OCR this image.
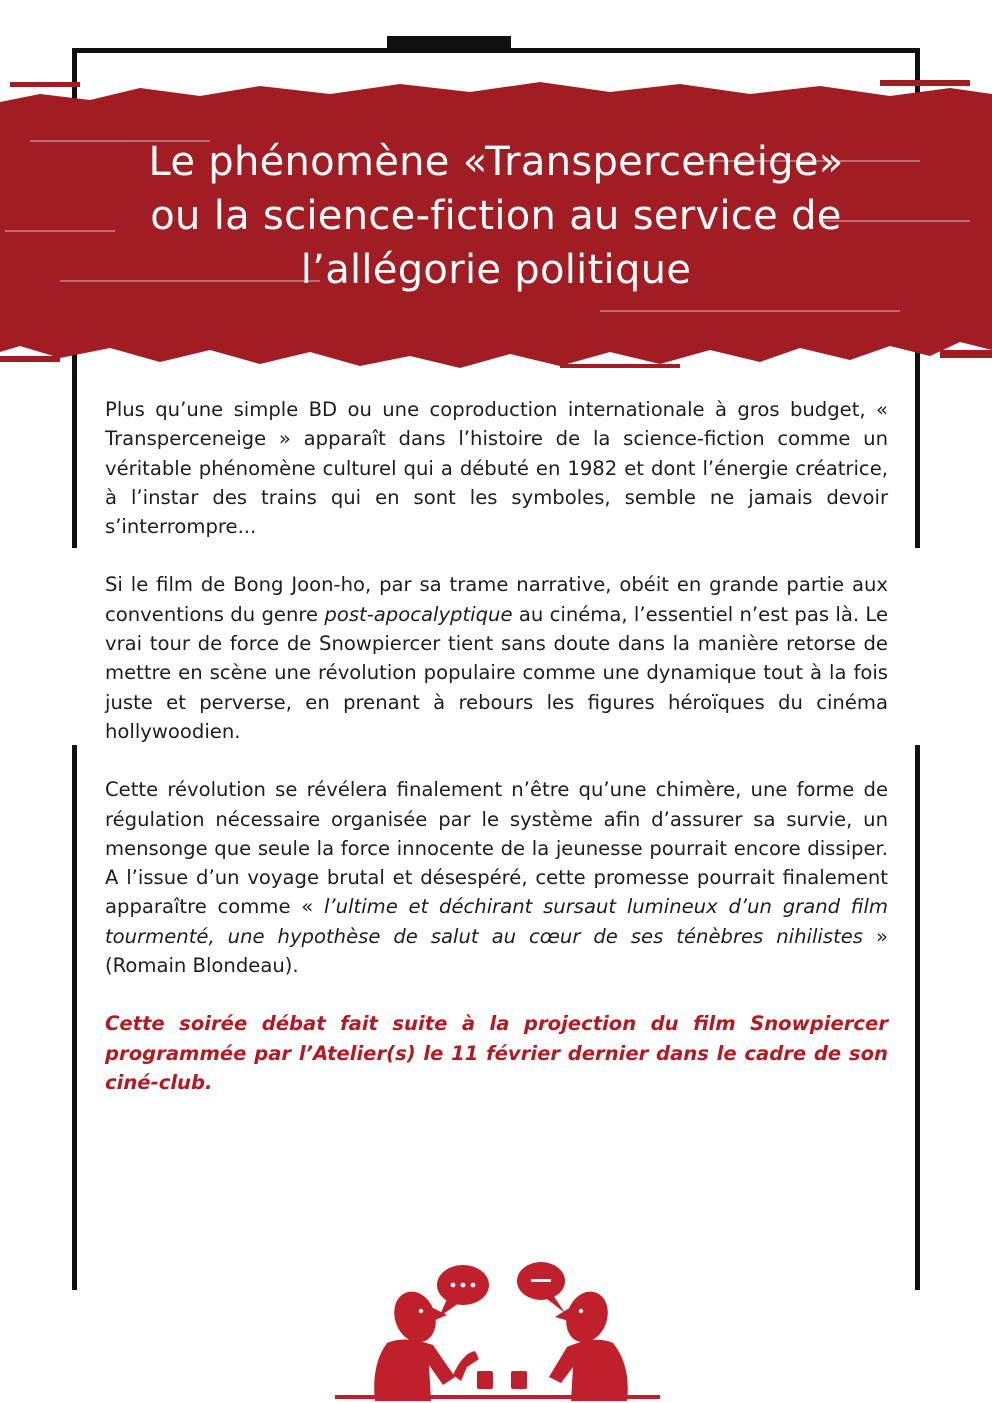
Le phénomène «Transperceneige»
ou la science-fiction au service de
l’allégorie politique

Plus qu’une simple BD ou une coproduction internationale à gros budget, « Transperceneige » apparaît dans l’histoire de la science-fiction comme un véritable phénomène culturel qui a débuté en 1982 et dont l’énergie créatrice, à l’instar des trains qui en sont les symboles, semble ne jamais devoir s’interrompre...

Si le film de Bong Joon-ho, par sa trame narrative, obéit en grande partie aux conventions du genre post-apocalyptique au cinéma, l’essentiel n’est pas là. Le vrai tour de force de Snowpiercer tient sans doute dans la manière retorse de mettre en scène une révolution populaire comme une dynamique tout à la fois juste et perverse, en prenant à rebours les figures héroïques du cinéma hollywoodien.

Cette révolution se révélera finalement n’être qu’une chimère, une forme de régulation nécessaire organisée par le système afin d’assurer sa survie, un mensonge que seule la force innocente de la jeunesse pourrait encore dissiper. A l’issue d’un voyage brutal et désespéré, cette promesse pourrait finalement apparaître comme « l’ultime et déchirant sursaut lumineux d’un grand film tourmenté, une hypothèse de salut au cœur de ses ténèbres nihilistes » (Romain Blondeau).

Cette soirée débat fait suite à la projection du film Snowpiercer programmée par l’Atelier(s) le 11 février dernier dans le cadre de son ciné-club.
